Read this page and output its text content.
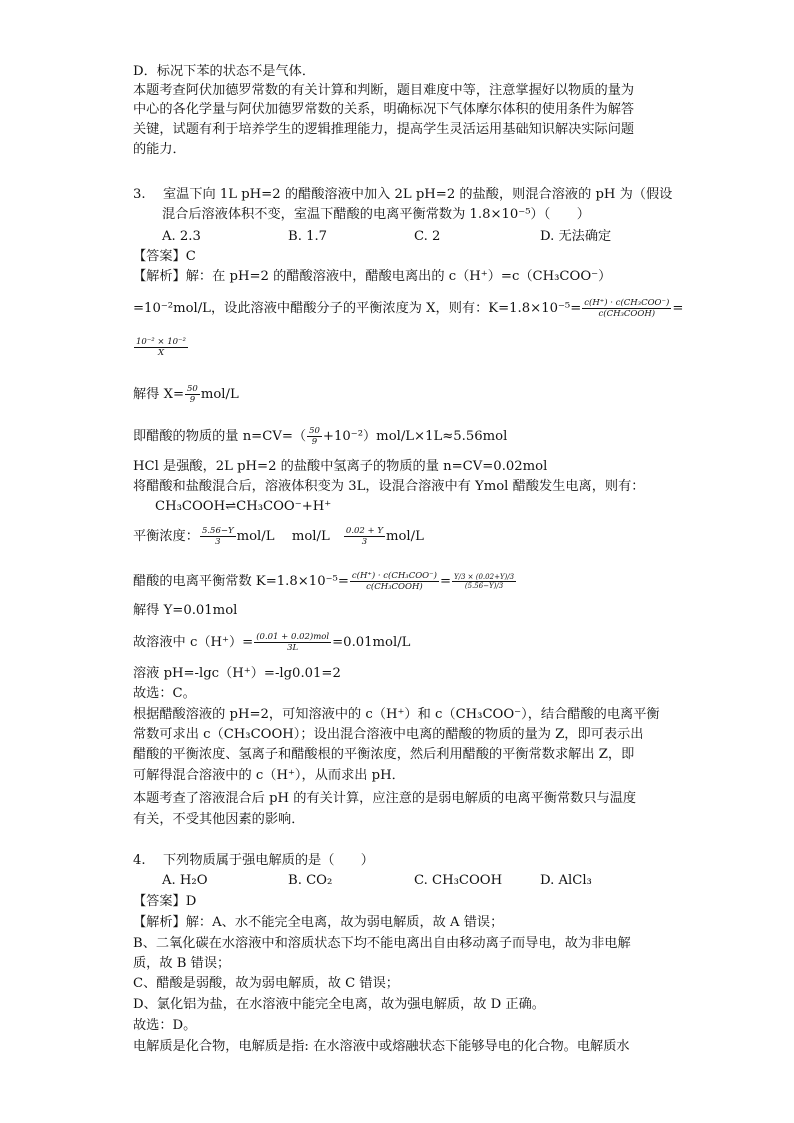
D．标况下苯的状态不是气体．
本题考查阿伏加德罗常数的有关计算和判断，题目难度中等，注意掌握好以物质的量为
中心的各化学量与阿伏加德罗常数的关系，明确标况下气体摩尔体积的使用条件为解答
关键，试题有利于培养学生的逻辑推理能力，提高学生灵活运用基础知识解决实际问题
的能力．
3.　 室温下向 1L pH=2 的醋酸溶液中加入 2L pH=2 的盐酸，则混合溶液的 pH 为（假设
混合后溶液体积不变，室温下醋酸的电离平衡常数为 1.8×10⁻⁵）（　　）
A. 2.3	B. 1.7	C. 2	D. 无法确定
【答案】C
【解析】解：在 pH=2 的醋酸溶液中，醋酸电离出的 c（H⁺）=c（CH₃COO⁻）
=10⁻²mol/L，设此溶液中醋酸分子的平衡浓度为 X，则有：$K=1.8\times 10^{-5}= \frac{\text{c(H⁺) · c(CH₃COO⁻)}}{\text{c(CH₃COOH)}}$ =
$\frac{\text{10⁻² × 10⁻²}}{X}$
解得 $X= \frac{50}{9} mol/L$
即醋酸的物质的量 $n=CV=( \frac{50}{9} +10^{-2})mol/L\times 1L\approx 5.56mol$
HCl 是强酸，2L pH=2 的盐酸中氢离子的物质的量 n=CV=0.02mol
将醋酸和盐酸混合后，溶液体积变为 3L，设混合溶液中有 Ymol 醋酸发生电离，则有：
CH₃COOH⇌CH₃COO⁻+H⁺
平衡浓度： $\frac{5.56-Y}{3} mol/L$　 mol/L　 $\frac{0.02 + Y}{3} mol/L$
醋酸的电离平衡常数 $K=1.8\times 10^{-5}= \frac{\text{c(H⁺) · c(CH₃COO⁻)}}{\text{c(CH₃COOH)}} = \frac{Y/3 \times (0.02+Y)/3}{(5.56-Y)/3}$
解得 Y=0.01mol
故溶液中 $c(H^+)= \frac{\text{(0.01 + 0.02)mol}}{3L} =0.01mol/L$
溶液 pH=-lgc（H⁺）=-lg0.01=2
故选：C。
根据醋酸溶液的 pH=2，可知溶液中的 c（H⁺）和 c（CH₃COO⁻），结合醋酸的电离平衡
常数可求出 c（CH₃COOH）；设出混合溶液中电离的醋酸的物质的量为 Z，即可表示出
醋酸的平衡浓度、氢离子和醋酸根的平衡浓度，然后利用醋酸的平衡常数求解出 Z，即
可解得混合溶液中的 c（H⁺），从而求出 pH．
本题考查了溶液混合后 pH 的有关计算，应注意的是弱电解质的电离平衡常数只与温度
有关，不受其他因素的影响．
4.　 下列物质属于强电解质的是（　　）
A. H₂O	B. CO₂	C. CH₃COOH	D. AlCl₃
【答案】D
【解析】解：A、水不能完全电离，故为弱电解质，故 A 错误；
B、二氧化碳在水溶液中和溶质状态下均不能电离出自由移动离子而导电，故为非电解
质，故 B 错误；
C、醋酸是弱酸，故为弱电解质，故 C 错误；
D、氯化铝为盐，在水溶液中能完全电离，故为强电解质，故 D 正确。
故选：D。
电解质是化合物，电解质是指: 在水溶液中或熔融状态下能够导电的化合物。电解质水
